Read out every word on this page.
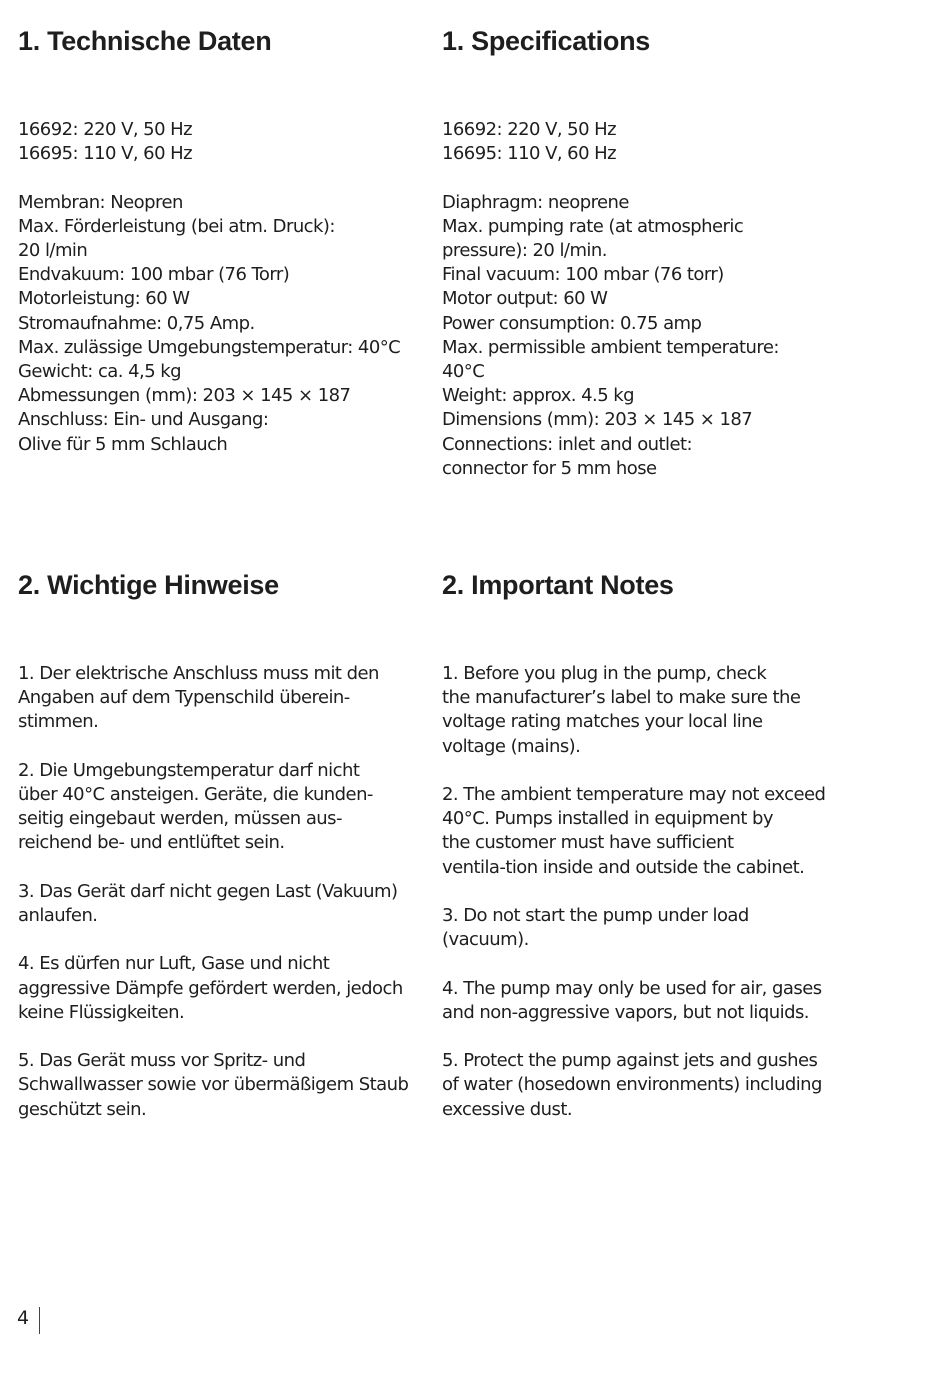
1. Technische Daten
16692: 220 V, 50 Hz
16695: 110 V, 60 Hz
Membran: Neopren
Max. Förderleistung (bei atm. Druck):
20 l/min
Endvakuum: 100 mbar (76 Torr)
Motorleistung: 60 W
Stromaufnahme: 0,75 Amp.
Max. zulässige Umgebungstemperatur: 40°C
Gewicht: ca. 4,5 kg
Abmessungen (mm): 203 × 145 × 187
Anschluss: Ein- und Ausgang:
Olive für 5 mm Schlauch
2. Wichtige Hinweise
1. Der elektrische Anschluss muss mit den
Angaben auf dem Typenschild überein-
stimmen.
2. Die Umgebungstemperatur darf nicht
über 40°C ansteigen. Geräte, die kunden-
seitig eingebaut werden, müssen aus-
reichend be- und entlüftet sein.
3. Das Gerät darf nicht gegen Last (Vakuum)
anlaufen.
4. Es dürfen nur Luft, Gase und nicht
aggressive Dämpfe gefördert werden, jedoch
keine Flüssigkeiten.
5. Das Gerät muss vor Spritz- und
Schwallwasser sowie vor übermäßigem Staub
geschützt sein.
1. Specifications
16692: 220 V, 50 Hz
16695: 110 V, 60 Hz
Diaphragm: neoprene
Max. pumping rate (at atmospheric
pressure): 20 l/min.
Final vacuum: 100 mbar (76 torr)
Motor output: 60 W
Power consumption: 0.75 amp
Max. permissible ambient temperature:
40°C
Weight: approx. 4.5 kg
Dimensions (mm): 203 × 145 × 187
Connections: inlet and outlet:
connector for 5 mm hose
2. Important Notes
1. Before you plug in the pump, check
the manufacturer’s label to make sure the
voltage rating matches your local line
voltage (mains).
2. The ambient temperature may not exceed
40°C. Pumps installed in equipment by
the customer must have sufficient
ventila-tion inside and outside the cabinet.
3. Do not start the pump under load
(vacuum).
4. The pump may only be used for air, gases
and non-aggressive vapors, but not liquids.
5. Protect the pump against jets and gushes
of water (hosedown environments) including
excessive dust.
4
